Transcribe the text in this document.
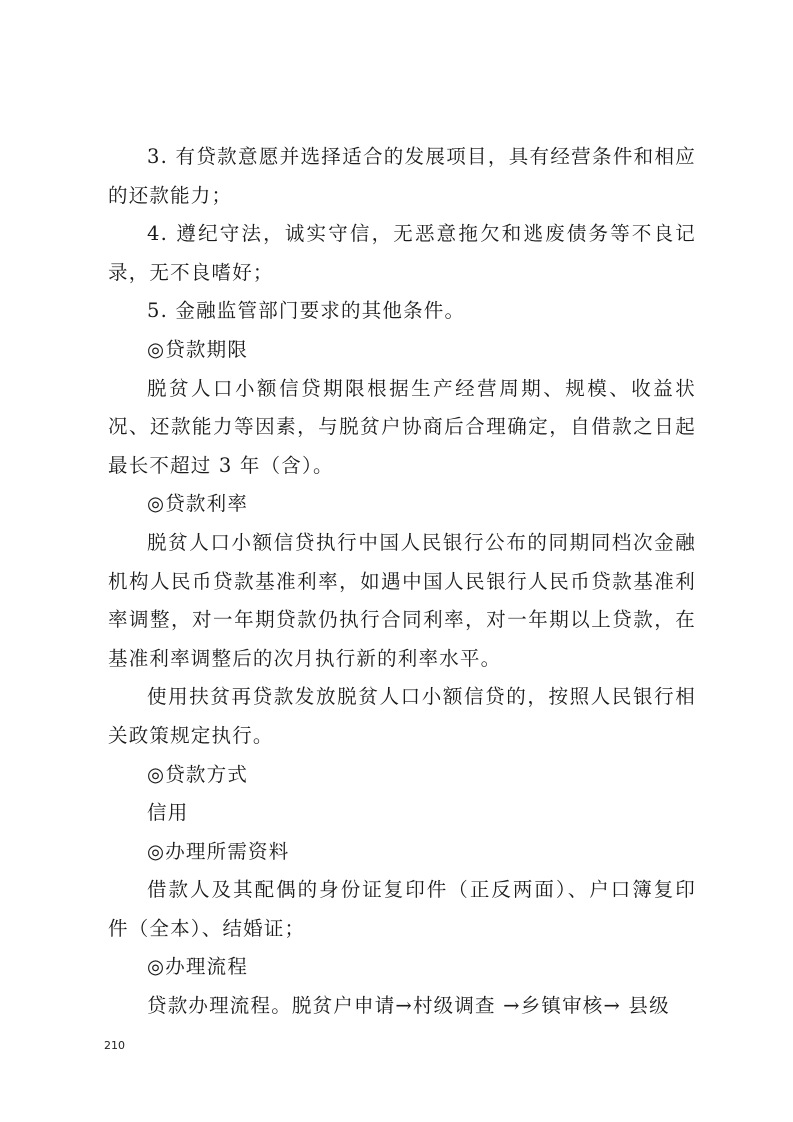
3. 有贷款意愿并选择适合的发展项目，具有经营条件和相应的还款能力；

4. 遵纪守法，诚实守信，无恶意拖欠和逃废债务等不良记录，无不良嗜好；

5. 金融监管部门要求的其他条件。

◎贷款期限

脱贫人口小额信贷期限根据生产经营周期、规模、收益状况、还款能力等因素，与脱贫户协商后合理确定，自借款之日起最长不超过 3 年（含）。

◎贷款利率

脱贫人口小额信贷执行中国人民银行公布的同期同档次金融机构人民币贷款基准利率，如遇中国人民银行人民币贷款基准利率调整，对一年期贷款仍执行合同利率，对一年期以上贷款，在基准利率调整后的次月执行新的利率水平。

使用扶贫再贷款发放脱贫人口小额信贷的，按照人民银行相关政策规定执行。

◎贷款方式

信用

◎办理所需资料

借款人及其配偶的身份证复印件（正反两面）、户口簿复印件（全本）、结婚证；

◎办理流程

贷款办理流程。脱贫户申请→村级调查 →乡镇审核→ 县级

210
